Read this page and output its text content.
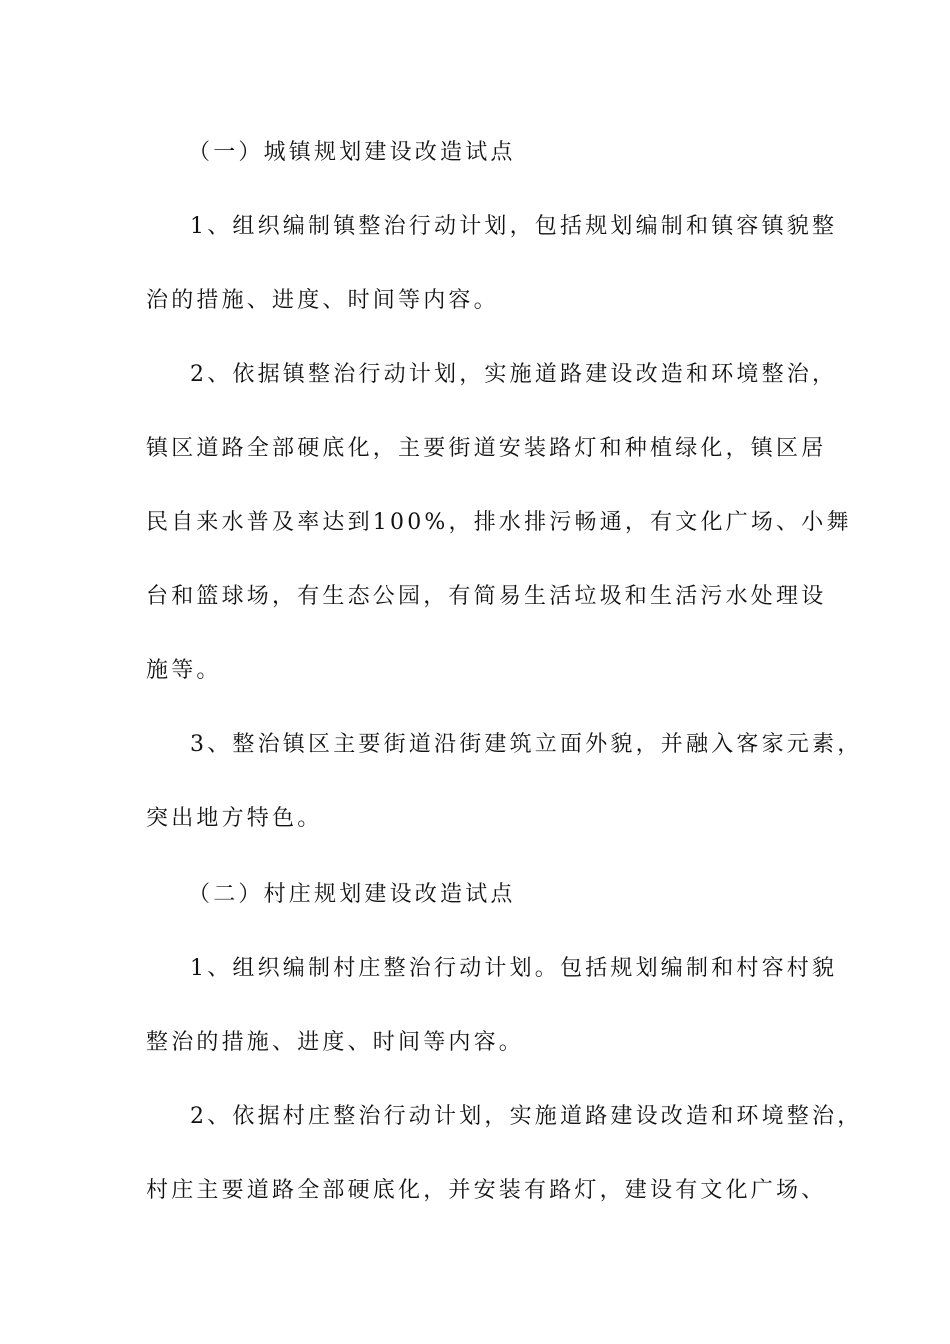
（一）城镇规划建设改造试点
1、组织编制镇整治行动计划，包括规划编制和镇容镇貌整
治的措施、进度、时间等内容。
2、依据镇整治行动计划，实施道路建设改造和环境整治，
镇区道路全部硬底化，主要街道安装路灯和种植绿化，镇区居
民自来水普及率达到100%，排水排污畅通，有文化广场、小舞
台和篮球场，有生态公园，有简易生活垃圾和生活污水处理设
施等。
3、整治镇区主要街道沿街建筑立面外貌，并融入客家元素，
突出地方特色。
（二）村庄规划建设改造试点
1、组织编制村庄整治行动计划。包括规划编制和村容村貌
整治的措施、进度、时间等内容。
2、依据村庄整治行动计划，实施道路建设改造和环境整治，
村庄主要道路全部硬底化，并安装有路灯，建设有文化广场、
